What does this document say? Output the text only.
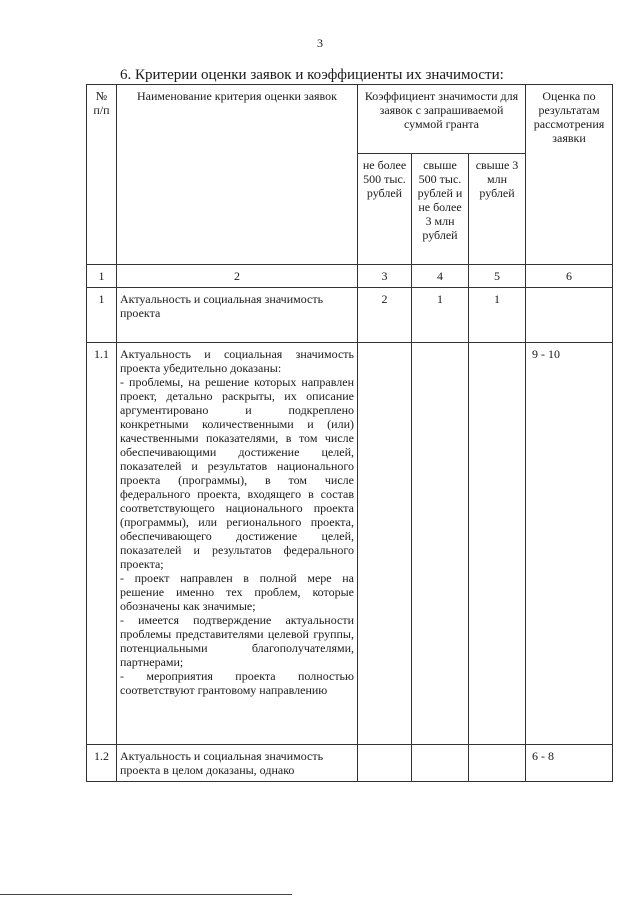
3
6. Критерии оценки заявок и коэффициенты их значимости:
№ п/п	Наименование критерия оценки заявок	Коэффициент значимости для заявок с запрашиваемой суммой гранта			Оценка по результатам рассмотрения заявки
		не более 500 тыс. рублей	свыше 500 тыс. рублей и не более 3 млн рублей	свыше 3 млн рублей	
1	2	3	4	5	6
1	Актуальность и социальная значимость проекта	2	1	1	
1.1	Актуальность и социальная значимость проекта убедительно доказаны:
- проблемы, на решение которых направлен проект, детально раскрыты, их описание аргументировано и подкреплено конкретными количественными и (или) качественными показателями, в том числе обеспечивающими достижение целей, показателей и результатов национального проекта (программы), в том числе федерального проекта, входящего в состав соответствующего национального проекта (программы), или регионального проекта, обеспечивающего достижение целей, показателей и результатов федерального проекта;
- проект направлен в полной мере на решение именно тех проблем, которые обозначены как значимые;
- имеется подтверждение актуальности проблемы представителями целевой группы, потенциальными благополучателями, партнерами;
- мероприятия проекта полностью соответствуют грантовому направлению				9 - 10
1.2	Актуальность и социальная значимость проекта в целом доказаны, однако				6 - 8
